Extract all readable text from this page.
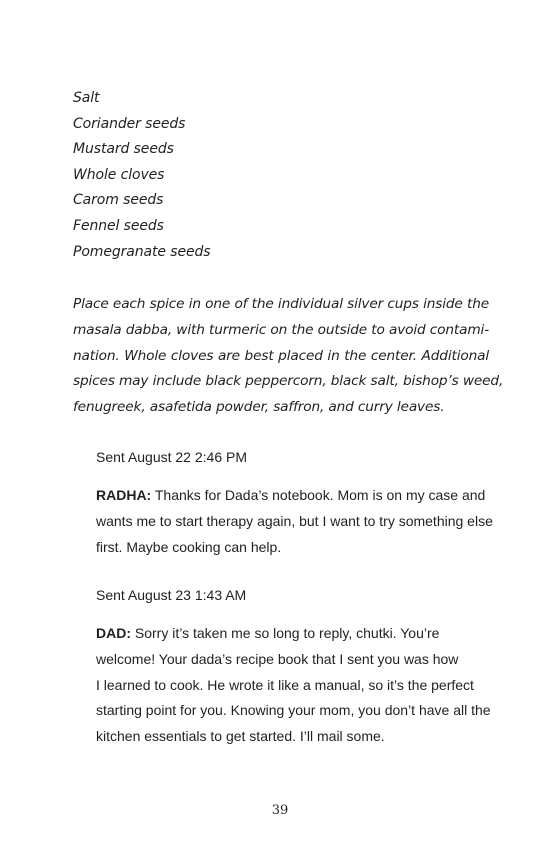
Salt
Coriander seeds
Mustard seeds
Whole cloves
Carom seeds
Fennel seeds
Pomegranate seeds

Place each spice in one of the individual silver cups inside the
masala dabba, with turmeric on the outside to avoid contami-
nation. Whole cloves are best placed in the center. Additional
spices may include black peppercorn, black salt, bishop’s weed,
fenugreek, asafetida powder, saffron, and curry leaves.

Sent August 22 2:46 PM

RADHA: Thanks for Dada’s notebook. Mom is on my case and
wants me to start therapy again, but I want to try something else
first. Maybe cooking can help.

Sent August 23 1:43 AM

DAD: Sorry it’s taken me so long to reply, chutki. You’re
welcome! Your dada’s recipe book that I sent you was how
I learned to cook. He wrote it like a manual, so it’s the perfect
starting point for you. Knowing your mom, you don’t have all the
kitchen essentials to get started. I’ll mail some.

39
